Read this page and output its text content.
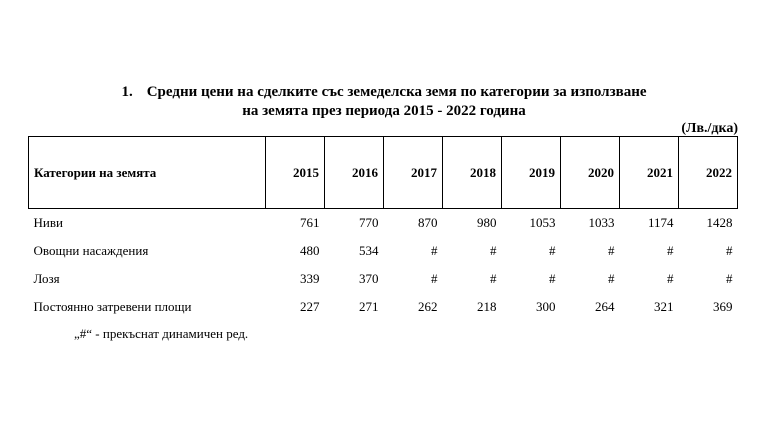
1. Средни цени на сделките със земеделска земя по категории за използване
на земята през периода 2015 - 2022 година
(Лв./дка)
Категории на земята	2015	2016	2017	2018	2019	2020	2021	2022
Ниви	761	770	870	980	1053	1033	1174	1428
Овощни насаждения	480	534	#	#	#	#	#	#
Лозя	339	370	#	#	#	#	#	#
Постоянно затревени площи	227	271	262	218	300	264	321	369
„#“ - прекъснат динамичен ред.
